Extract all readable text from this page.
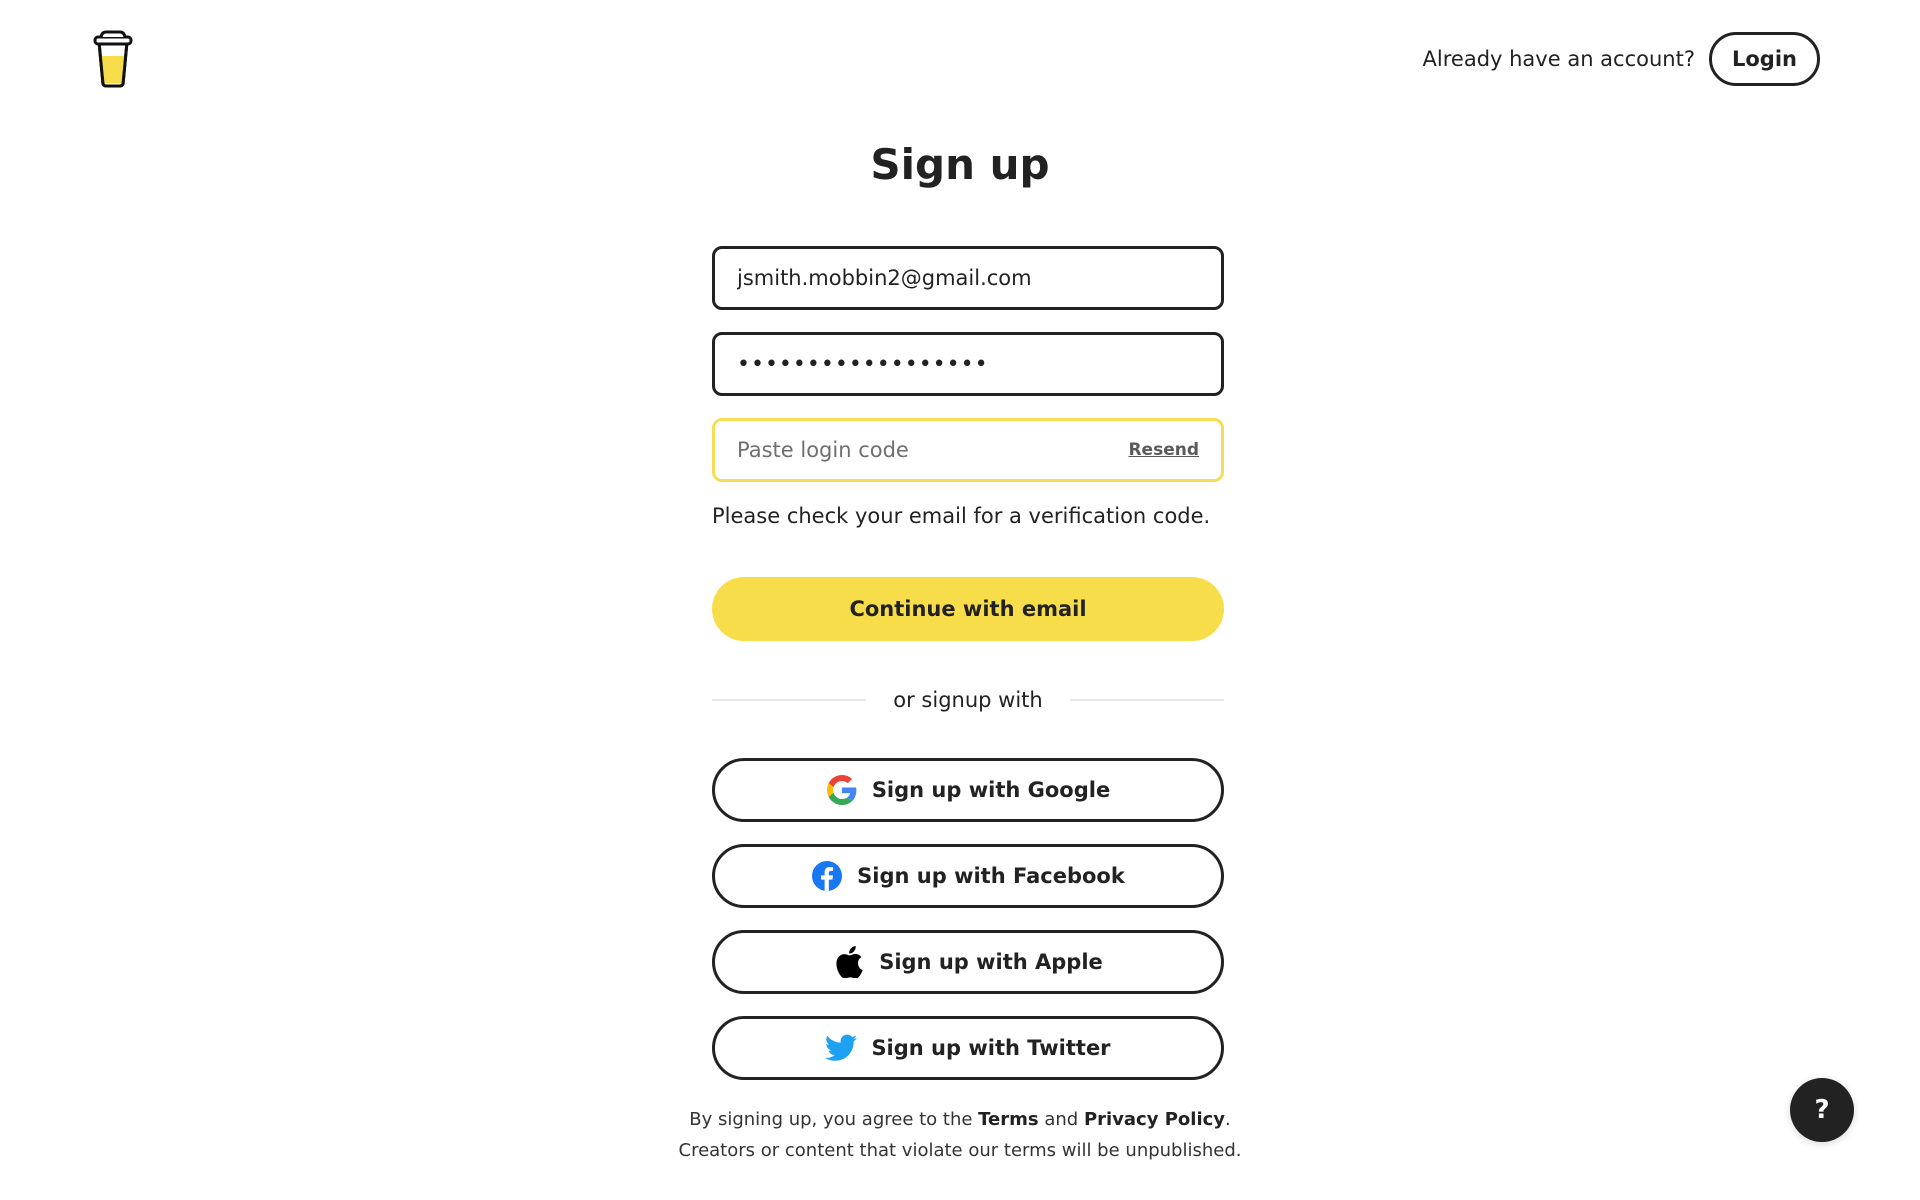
Already have an account?	Login
Sign up
jsmith.mobbin2@gmail.com
••••••••••••••••••
Paste login code
Resend

Please check your email for a verification code.

Continue with email
or signup with
Sign up with Google
Sign up with Facebook
Sign up with Apple
Sign up with Twitter
By signing up, you agree to the Terms and Privacy Policy.
Creators or content that violate our terms will be unpublished.
?
